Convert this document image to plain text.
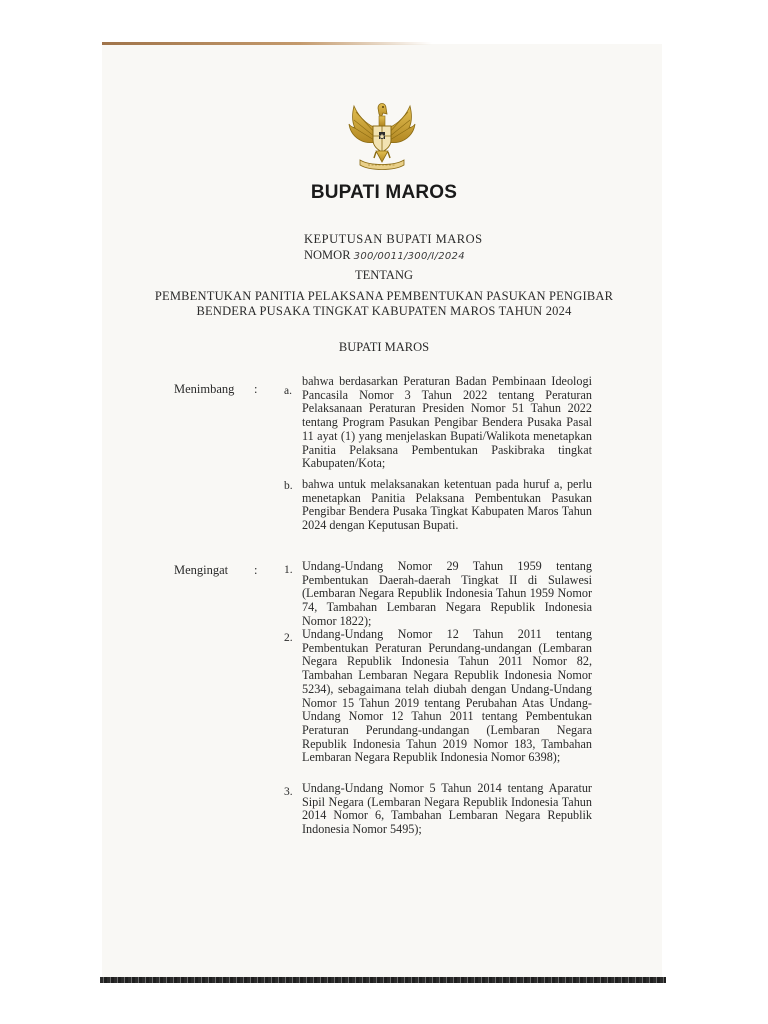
BUPATI MAROS
KEPUTUSAN BUPATI MAROS
NOMOR 300/0011/300/I/2024
TENTANG
PEMBENTUKAN PANITIA PELAKSANA PEMBENTUKAN PASUKAN PENGIBAR
BENDERA PUSAKA TINGKAT KABUPATEN MAROS TAHUN 2024
BUPATI MAROS
Menimbang : a.
bahwa berdasarkan Peraturan Badan Pembinaan Ideologi Pancasila Nomor 3 Tahun 2022 tentang Peraturan Pelaksanaan Peraturan Presiden Nomor 51 Tahun 2022 tentang Program Pasukan Pengibar Bendera Pusaka Pasal 11 ayat (1) yang menjelaskan Bupati/Walikota menetapkan Panitia Pelaksana Pembentukan Paskibraka tingkat Kabupaten/Kota;
b. bahwa untuk melaksanakan ketentuan pada huruf a, perlu menetapkan Panitia Pelaksana Pembentukan Pasukan Pengibar Bendera Pusaka Tingkat Kabupaten Maros Tahun 2024 dengan Keputusan Bupati.
Mengingat : 1. Undang-Undang Nomor 29 Tahun 1959 tentang Pembentukan Daerah-daerah Tingkat II di Sulawesi (Lembaran Negara Republik Indonesia Tahun 1959 Nomor 74, Tambahan Lembaran Negara Republik Indonesia Nomor 1822);
2. Undang-Undang Nomor 12 Tahun 2011 tentang Pembentukan Peraturan Perundang-undangan (Lembaran Negara Republik Indonesia Tahun 2011 Nomor 82, Tambahan Lembaran Negara Republik Indonesia Nomor 5234), sebagaimana telah diubah dengan Undang-Undang Nomor 15 Tahun 2019 tentang Perubahan Atas Undang-Undang Nomor 12 Tahun 2011 tentang Pembentukan Peraturan Perundang-undangan (Lembaran Negara Republik Indonesia Tahun 2019 Nomor 183, Tambahan Lembaran Negara Republik Indonesia Nomor 6398);
3. Undang-Undang Nomor 5 Tahun 2014 tentang Aparatur Sipil Negara (Lembaran Negara Republik Indonesia Tahun 2014 Nomor 6, Tambahan Lembaran Negara Republik Indonesia Nomor 5495);
